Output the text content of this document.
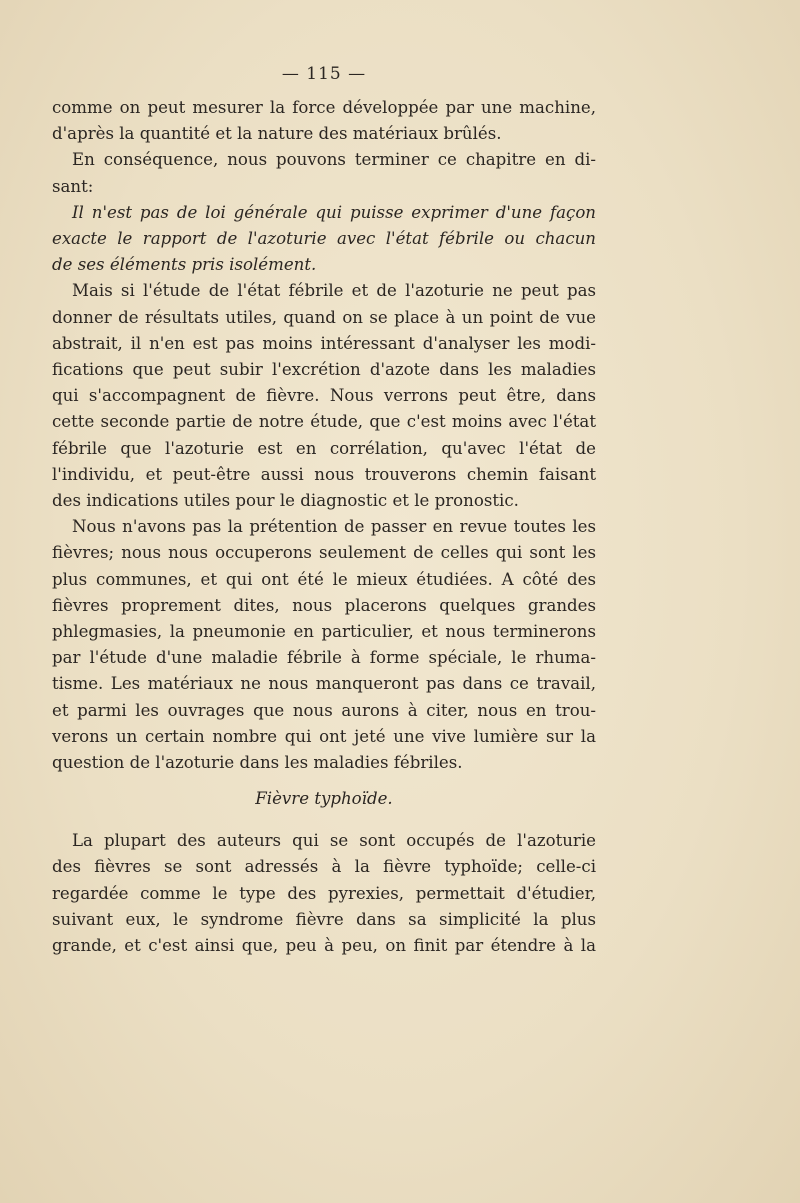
— 115 —
comme on peut mesurer la force développée par une machine,
d'après la quantité et la nature des matériaux brûlés.
En conséquence, nous pouvons terminer ce chapitre en di-
sant:
Il n'est pas de loi générale qui puisse exprimer d'une façon
exacte le rapport de l'azoturie avec l'état fébrile ou chacun
de ses éléments pris isolément.
Mais si l'étude de l'état fébrile et de l'azoturie ne peut pas
donner de résultats utiles, quand on se place à un point de vue
abstrait, il n'en est pas moins intéressant d'analyser les modi-
fications que peut subir l'excrétion d'azote dans les maladies
qui s'accompagnent de fièvre. Nous verrons peut être, dans
cette seconde partie de notre étude, que c'est moins avec l'état
fébrile que l'azoturie est en corrélation, qu'avec l'état de
l'individu, et peut-être aussi nous trouverons chemin faisant
des indications utiles pour le diagnostic et le pronostic.
Nous n'avons pas la prétention de passer en revue toutes les
fièvres; nous nous occuperons seulement de celles qui sont les
plus communes, et qui ont été le mieux étudiées. A côté des
fièvres proprement dites, nous placerons quelques grandes
phlegmasies, la pneumonie en particulier, et nous terminerons
par l'étude d'une maladie fébrile à forme spéciale, le rhuma-
tisme. Les matériaux ne nous manqueront pas dans ce travail,
et parmi les ouvrages que nous aurons à citer, nous en trou-
verons un certain nombre qui ont jeté une vive lumière sur la
question de l'azoturie dans les maladies fébriles.
Fièvre typhoïde.
La plupart des auteurs qui se sont occupés de l'azoturie
des fièvres se sont adressés à la fièvre typhoïde; celle-ci
regardée comme le type des pyrexies, permettait d'étudier,
suivant eux, le syndrome fièvre dans sa simplicité la plus
grande, et c'est ainsi que, peu à peu, on finit par étendre à la
